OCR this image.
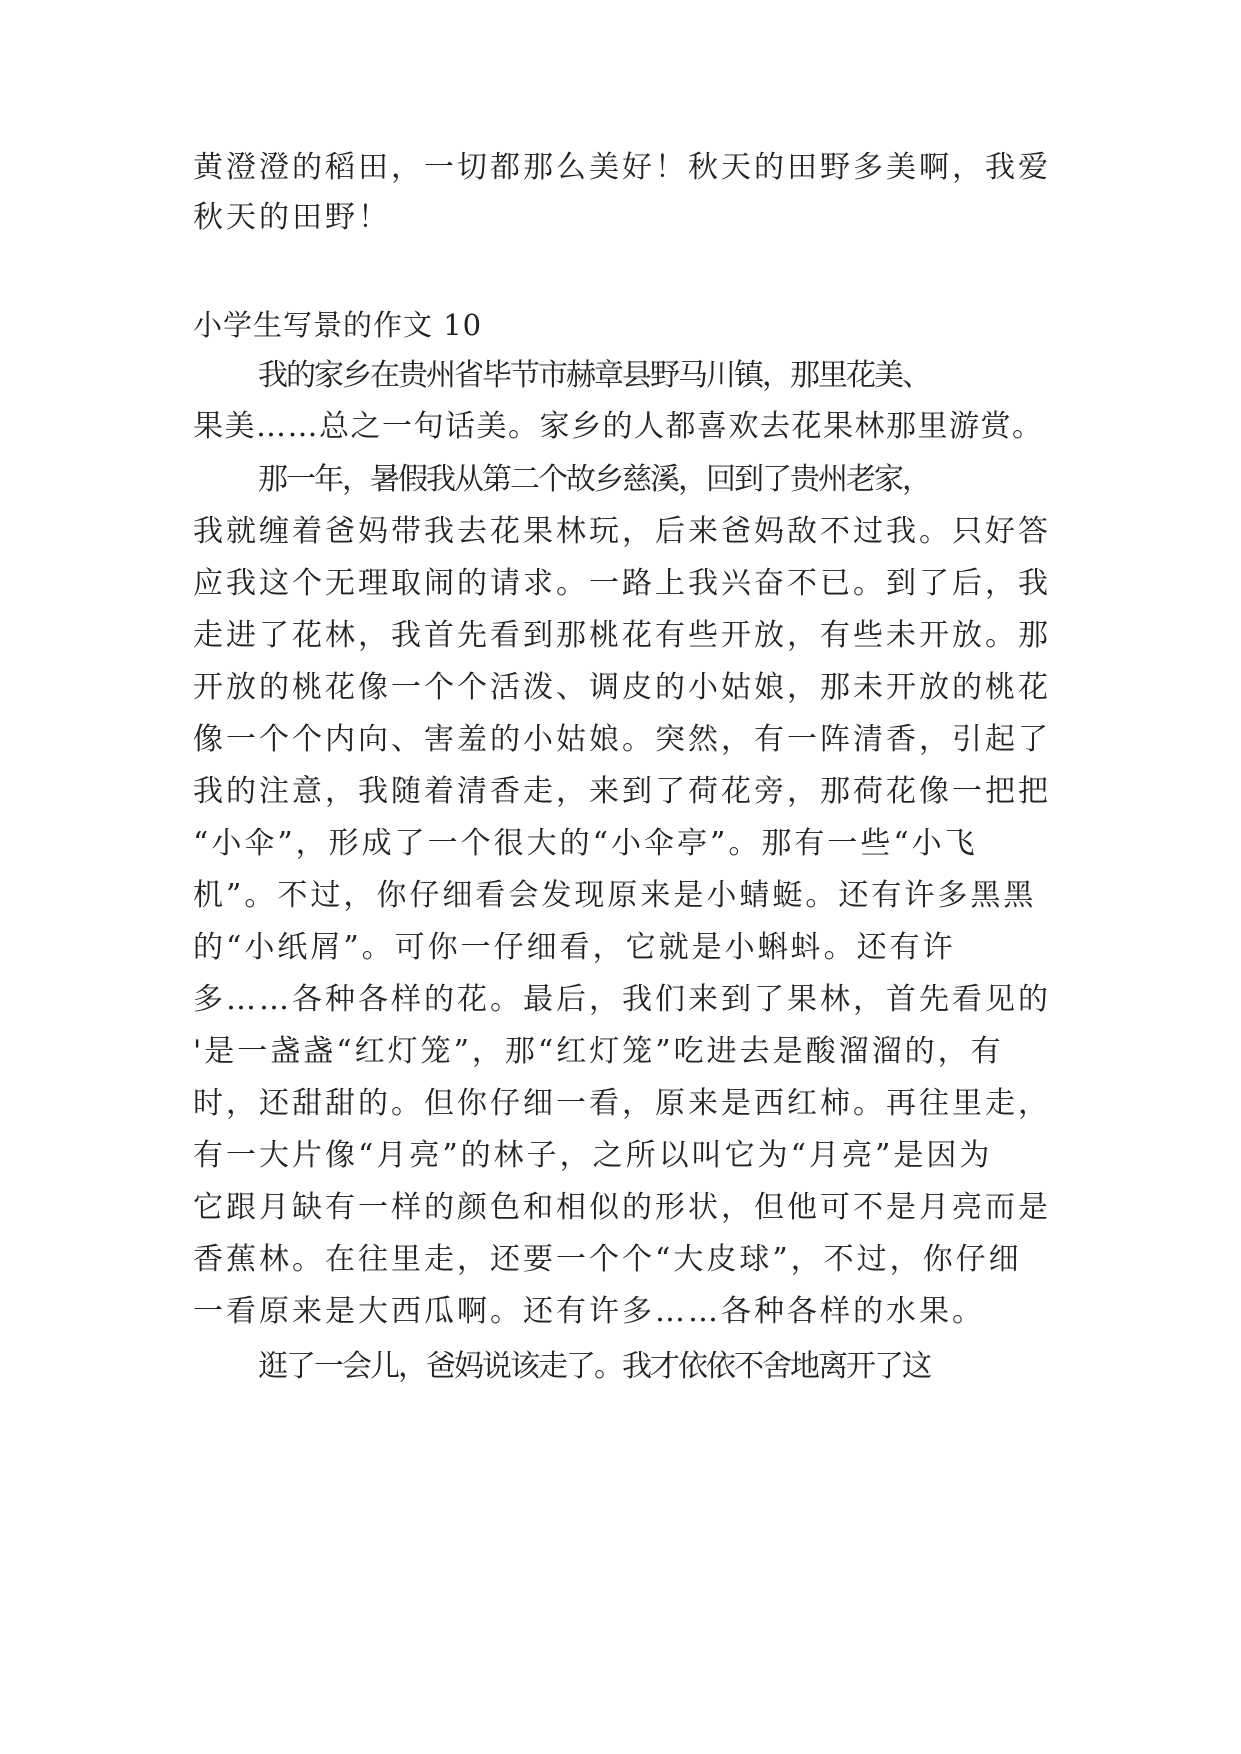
黄澄澄的稻田，一切都那么美好！秋天的田野多美啊，我爱
秋天的田野！
小学生写景的作文 10
我的家乡在贵州省毕节市赫章县野马川镇，那里花美、
果美……总之一句话美。家乡的人都喜欢去花果林那里游赏。
那一年，暑假我从第二个故乡慈溪，回到了贵州老家，
我就缠着爸妈带我去花果林玩，后来爸妈敌不过我。只好答
应我这个无理取闹的请求。一路上我兴奋不已。到了后，我
走进了花林，我首先看到那桃花有些开放，有些未开放。那
开放的桃花像一个个活泼、调皮的小姑娘，那未开放的桃花
像一个个内向、害羞的小姑娘。突然，有一阵清香，引起了
我的注意，我随着清香走，来到了荷花旁，那荷花像一把把
“小伞”，形成了一个很大的“小伞亭”。那有一些“小飞
机”。不过，你仔细看会发现原来是小蜻蜓。还有许多黑黑
的“小纸屑”。可你一仔细看，它就是小蝌蚪。还有许
多……各种各样的花。最后，我们来到了果林，首先看见的
'是一盏盏“红灯笼”，那“红灯笼”吃进去是酸溜溜的，有
时，还甜甜的。但你仔细一看，原来是西红柿。再往里走，
有一大片像“月亮”的林子，之所以叫它为“月亮”是因为
它跟月缺有一样的颜色和相似的形状，但他可不是月亮而是
香蕉林。在往里走，还要一个个“大皮球”，不过，你仔细
一看原来是大西瓜啊。还有许多……各种各样的水果。
逛了一会儿，爸妈说该走了。我才依依不舍地离开了这
